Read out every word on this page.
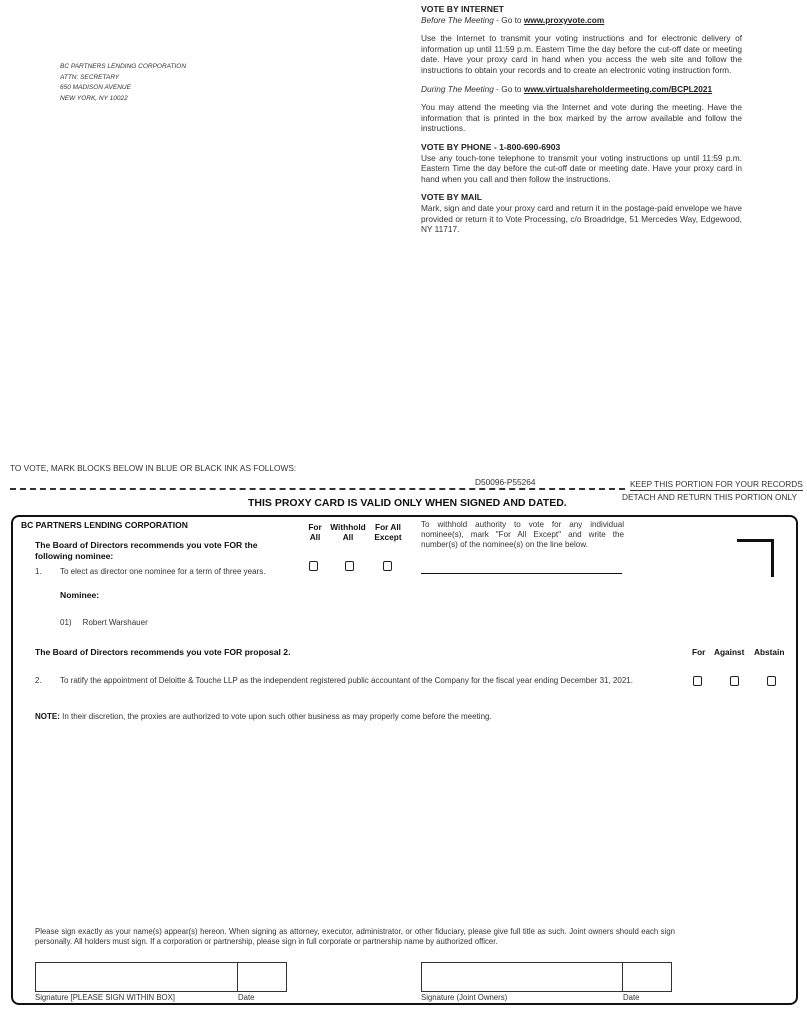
BC PARTNERS LENDING CORPORATION
ATTN: SECRETARY
650 MADISON AVENUE
NEW YORK, NY 10022
VOTE BY INTERNET

Before The Meeting - Go to www.proxyvote.com

Use the Internet to transmit your voting instructions and for electronic delivery of information up until 11:59 p.m. Eastern Time the day before the cut-off date or meeting date. Have your proxy card in hand when you access the web site and follow the instructions to obtain your records and to create an electronic voting instruction form.

During The Meeting - Go to www.virtualshareholdermeeting.com/BCPL2021

You may attend the meeting via the Internet and vote during the meeting. Have the information that is printed in the box marked by the arrow available and follow the instructions.

VOTE BY PHONE - 1-800-690-6903

Use any touch-tone telephone to transmit your voting instructions up until 11:59 p.m. Eastern Time the day before the cut-off date or meeting date. Have your proxy card in hand when you call and then follow the instructions.

VOTE BY MAIL

Mark, sign and date your proxy card and return it in the postage-paid envelope we have provided or return it to Vote Processing, c/o Broadridge, 51 Mercedes Way, Edgewood, NY 11717.

TO VOTE, MARK BLOCKS BELOW IN BLUE OR BLACK INK AS FOLLOWS:
D50096-P55264	KEEP THIS PORTION FOR YOUR RECORDS
DETACH AND RETURN THIS PORTION ONLY
THIS PROXY CARD IS VALID ONLY WHEN SIGNED AND DATED.
BC PARTNERS LENDING CORPORATION
The Board of Directors recommends you vote FOR the following nominee:
1. To elect as director one nominee for a term of three years.
For
All
Withhold
All
For All
Except
To withhold authority to vote for any individual nominee(s), mark "For All Except" and write the number(s) of the nominee(s) on the line below.
Nominee:
01)     Robert Warshauer
The Board of Directors recommends you vote FOR proposal 2.	For Against Abstain
2. To ratify the appointment of Deloitte & Touche LLP as the independent registered public accountant of the Company for the fiscal year ending December 31, 2021.
NOTE: In their discretion, the proxies are authorized to vote upon such other business as may properly come before the meeting.
Please sign exactly as your name(s) appear(s) hereon. When signing as attorney, executor, administrator, or other fiduciary, please give full title as such. Joint owners should each sign personally. All holders must sign. If a corporation or partnership, please sign in full corporate or partnership name by authorized officer.
Signature [PLEASE SIGN WITHIN BOX]	Date	Signature (Joint Owners)	Date
